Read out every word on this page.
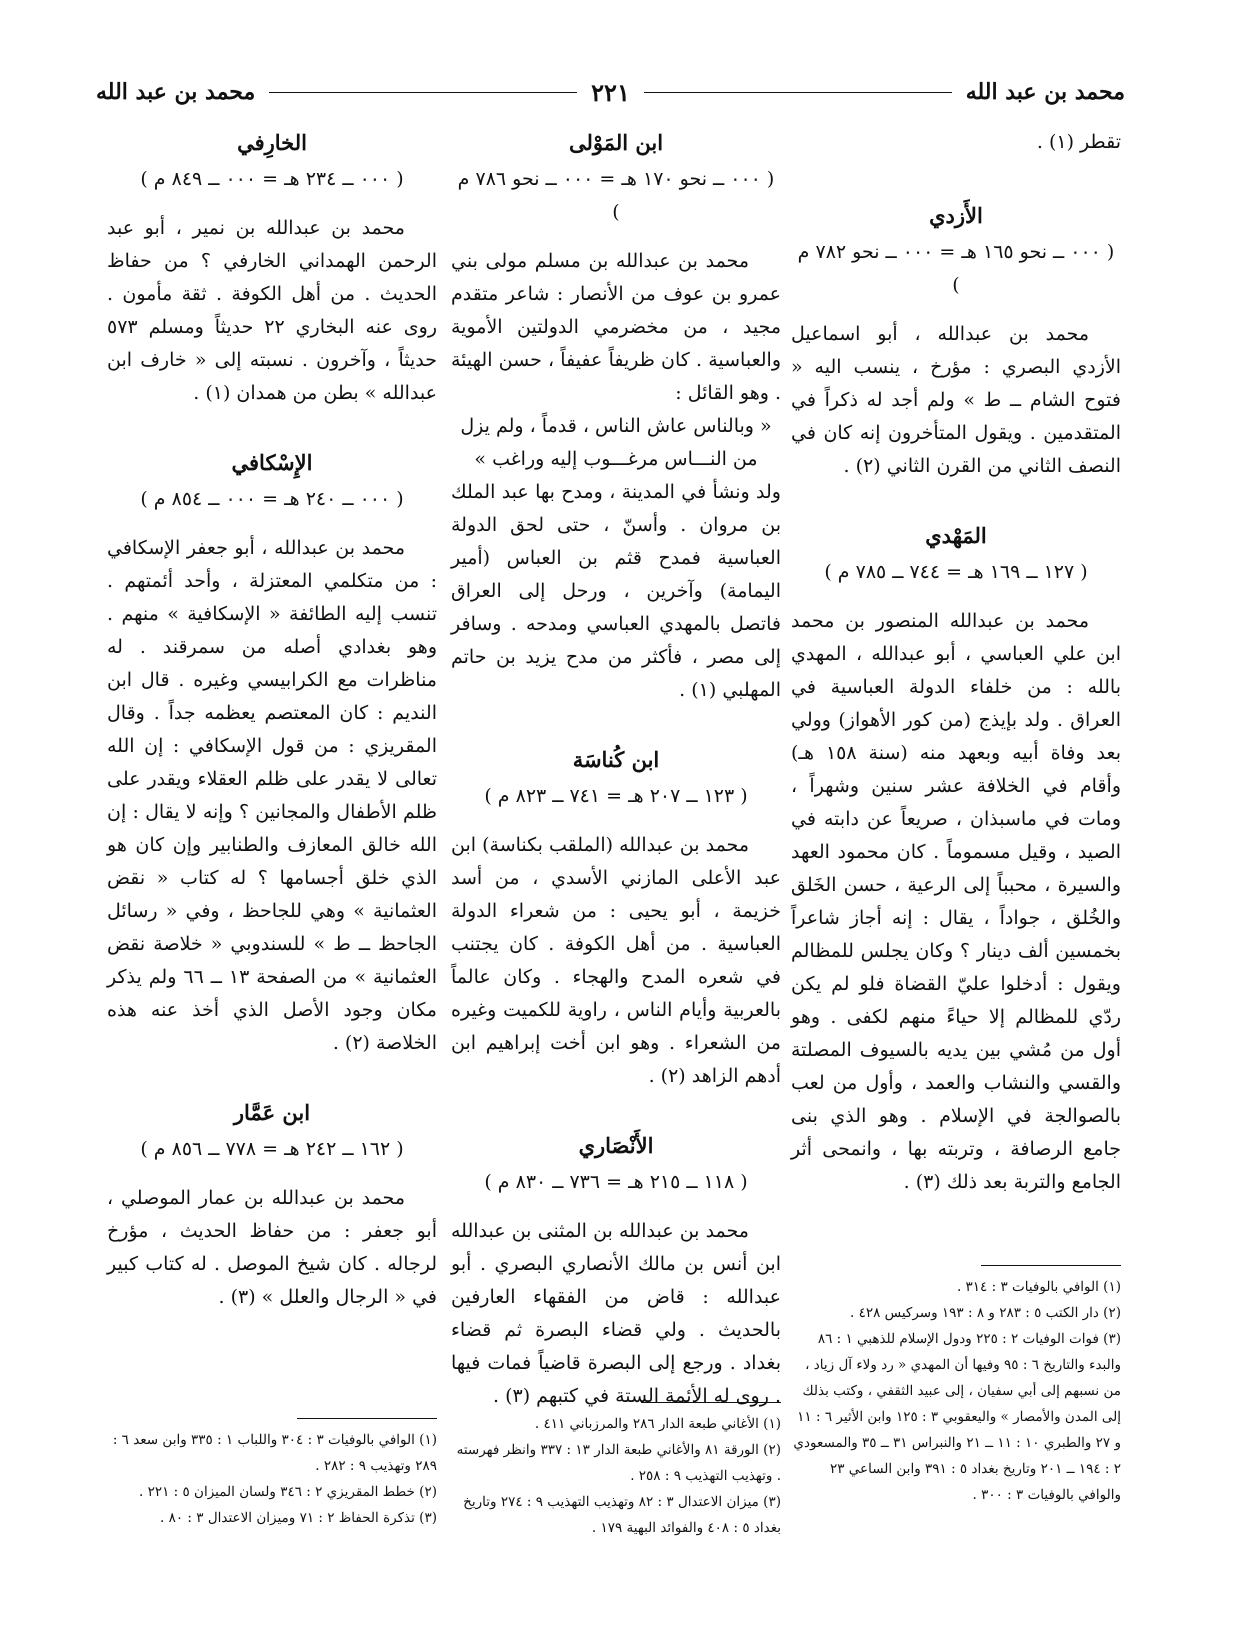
محمد بن عبد الله
٢٢١
محمد بن عبد الله

تقطر (١) .

الأَزدي
( ٠٠٠ ــ نحو ١٦٥ هـ = ٠٠٠ ــ نحو ٧٨٢ م )

محمد بن عبدالله ، أبو اسماعيل الأزدي البصري : مؤرخ ، ينسب اليه « فتوح الشام ــ ط » ولم أجد له ذكراً في المتقدمين . ويقول المتأخرون إنه كان في النصف الثاني من القرن الثاني (٢) .

المَهْدي
( ١٢٧ ــ ١٦٩ هـ = ٧٤٤ ــ ٧٨٥ م )

محمد بن عبدالله المنصور بن محمد ابن علي العباسي ، أبو عبدالله ، المهدي بالله : من خلفاء الدولة العباسية في العراق . ولد بإيذج (من كور الأهواز) وولي بعد وفاة أبيه وبعهد منه (سنة ١٥٨ هـ) وأقام في الخلافة عشر سنين وشهراً ، ومات في ماسبذان ، صريعاً عن دابته في الصيد ، وقيل مسموماً . كان محمود العهد والسيرة ، محبباً إلى الرعية ، حسن الخَلق والخُلق ، جواداً ، يقال : إنه أجاز شاعراً بخمسين ألف دينار ؟ وكان يجلس للمظالم ويقول : أدخلوا عليّ القضاة فلو لم يكن ردّي للمظالم إلا حياءً منهم لكفى . وهو أول من مُشي بين يديه بالسيوف المصلتة والقسي والنشاب والعمد ، وأول من لعب بالصوالجة في الإسلام . وهو الذي بنى جامع الرصافة ، وتربته بها ، وانمحى أثر الجامع والتربة بعد ذلك (٣) .

ابن المَوْلى
( ٠٠٠ ــ نحو ١٧٠ هـ = ٠٠٠ ــ نحو ٧٨٦ م )

محمد بن عبدالله بن مسلم مولى بني عمرو بن عوف من الأنصار : شاعر متقدم مجيد ، من مخضرمي الدولتين الأموية والعباسية . كان ظريفاً عفيفاً ، حسن الهيئة . وهو القائل :

« وبالناس عاش الناس ، قدماً ، ولم يزل

من النـــاس مرغـــوب إليه وراغب »

ولد ونشأ في المدينة ، ومدح بها عبد الملك بن مروان . وأسنّ ، حتى لحق الدولة العباسية فمدح قثم بن العباس (أمير اليمامة) وآخرين ، ورحل إلى العراق فاتصل بالمهدي العباسي ومدحه . وسافر إلى مصر ، فأكثر من مدح يزيد بن حاتم المهلبي (١) .

ابن كُناسَة
( ١٢٣ ــ ٢٠٧ هـ = ٧٤١ ــ ٨٢٣ م )

محمد بن عبدالله (الملقب بكناسة) ابن عبد الأعلى المازني الأسدي ، من أسد خزيمة ، أبو يحيى : من شعراء الدولة العباسية . من أهل الكوفة . كان يجتنب في شعره المدح والهجاء . وكان عالماً بالعربية وأيام الناس ، راوية للكميت وغيره من الشعراء . وهو ابن أخت إبراهيم ابن أدهم الزاهد (٢) .

الأَنْصَاري
( ١١٨ ــ ٢١٥ هـ = ٧٣٦ ــ ٨٣٠ م )

محمد بن عبدالله بن المثنى بن عبدالله ابن أنس بن مالك الأنصاري البصري . أبو عبدالله : قاض من الفقهاء العارفين بالحديث . ولي قضاء البصرة ثم قضاء بغداد . ورجع إلى البصرة قاضياً فمات فيها . روى له الأئمة الستة في كتبهم (٣) .

الخارِفي
( ٠٠٠ ــ ٢٣٤ هـ = ٠٠٠ ــ ٨٤٩ م )

محمد بن عبدالله بن نمير ، أبو عبد الرحمن الهمداني الخارفي ؟ من حفاظ الحديث . من أهل الكوفة . ثقة مأمون . روى عنه البخاري ٢٢ حديثاً ومسلم ٥٧٣ حديثاً ، وآخرون . نسبته إلى « خارف ابن عبدالله » بطن من همدان (١) .

الإِسْكافي
( ٠٠٠ ــ ٢٤٠ هـ = ٠٠٠ ــ ٨٥٤ م )

محمد بن عبدالله ، أبو جعفر الإسكافي : من متكلمي المعتزلة ، وأحد أئمتهم . تنسب إليه الطائفة « الإسكافية » منهم . وهو بغدادي أصله من سمرقند . له مناظرات مع الكرابيسي وغيره . قال ابن النديم : كان المعتصم يعظمه جداً . وقال المقريزي : من قول الإسكافي : إن الله تعالى لا يقدر على ظلم العقلاء ويقدر على ظلم الأطفال والمجانين ؟ وإنه لا يقال : إن الله خالق المعازف والطنابير وإن كان هو الذي خلق أجسامها ؟ له كتاب « نقض العثمانية » وهي للجاحظ ، وفي « رسائل الجاحظ ــ ط » للسندوبي « خلاصة نقض العثمانية » من الصفحة ١٣ ــ ٦٦ ولم يذكر مكان وجود الأصل الذي أخذ عنه هذه الخلاصة (٢) .

ابن عَمَّار
( ١٦٢ ــ ٢٤٢ هـ = ٧٧٨ ــ ٨٥٦ م )

محمد بن عبدالله بن عمار الموصلي ، أبو جعفر : من حفاظ الحديث ، مؤرخ لرجاله . كان شيخ الموصل . له كتاب كبير في « الرجال والعلل » (٣) .	(١) الوافي بالوفيات ٣ : ٣١٤ .

(٢) دار الكتب ٥ : ٢٨٣ و ٨ : ١٩٣ وسركيس ٤٢٨ .

(٣) فوات الوفيات ٢ : ٢٢٥ ودول الإسلام للذهبي ١ : ٨٦ والبدء والتاريخ ٦ : ٩٥ وفيها أن المهدي « رد ولاء آل زياد ، من نسبهم إلى أبي سفيان ، إلى عبيد الثقفي ، وكتب بذلك إلى المدن والأمصار » واليعقوبي ٣ : ١٢٥ وابن الأثير ٦ : ١١ و ٢٧ والطبري ١٠ : ١١ ــ ٢١ والنبراس ٣١ ــ ٣٥ والمسعودي ٢ : ١٩٤ ــ ٢٠١ وتاريخ بغداد ٥ : ٣٩١ وابن الساعي ٢٣ والوافي بالوفيات ٣ : ٣٠٠ .

(١) الأغاني طبعة الدار ٢٨٦ والمرزباني ٤١١ .

(٢) الورقة ٨١ والأغاني طبعة الدار ١٣ : ٣٣٧ وانظر فهرسته . وتهذيب التهذيب ٩ : ٢٥٨ .

(٣) ميزان الاعتدال ٣ : ٨٢ وتهذيب التهذيب ٩ : ٢٧٤ وتاريخ بغداد ٥ : ٤٠٨ والفوائد البهية ١٧٩ .

(١) الوافي بالوفيات ٣ : ٣٠٤ واللباب ١ : ٣٣٥ وابن سعد ٦ : ٢٨٩ وتهذيب ٩ : ٢٨٢ .

(٢) خطط المقريزي ٢ : ٣٤٦ ولسان الميزان ٥ : ٢٢١ .

(٣) تذكرة الحفاظ ٢ : ٧١ وميزان الاعتدال ٣ : ٨٠ .
